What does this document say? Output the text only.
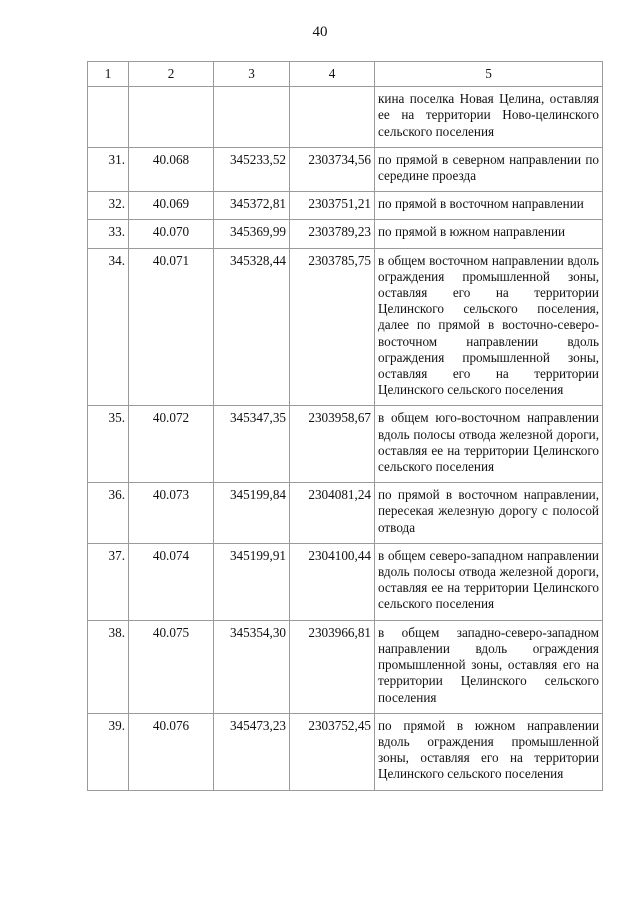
40
1	2	3	4	5
				кина поселка Новая Целина, оставляя ее на территории Ново-целинского сельского поселения
31.	40.068	345233,52	2303734,56	по прямой в северном направлении по середине проезда
32.	40.069	345372,81	2303751,21	по прямой в восточном направлении
33.	40.070	345369,99	2303789,23	по прямой в южном направлении
34.	40.071	345328,44	2303785,75	в общем восточном направлении вдоль ограждения промышленной зоны, оставляя его на территории Целинского сельского поселения, далее по прямой в восточно-северо-восточном направлении вдоль ограждения промышленной зоны, оставляя его на территории Целинского сельского поселения
35.	40.072	345347,35	2303958,67	в общем юго-восточном направлении вдоль полосы отвода железной дороги, оставляя ее на территории Целинского сельского поселения
36.	40.073	345199,84	2304081,24	по прямой в восточном направлении, пересекая железную дорогу с полосой отвода
37.	40.074	345199,91	2304100,44	в общем северо-западном направлении вдоль полосы отвода железной дороги, оставляя ее на территории Целинского сельского поселения
38.	40.075	345354,30	2303966,81	в общем западно-северо-западном направлении вдоль ограждения промышленной зоны, оставляя его на территории Целинского сельского поселения
39.	40.076	345473,23	2303752,45	по прямой в южном направлении вдоль ограждения промышленной зоны, оставляя его на территории Целинского сельского поселения
